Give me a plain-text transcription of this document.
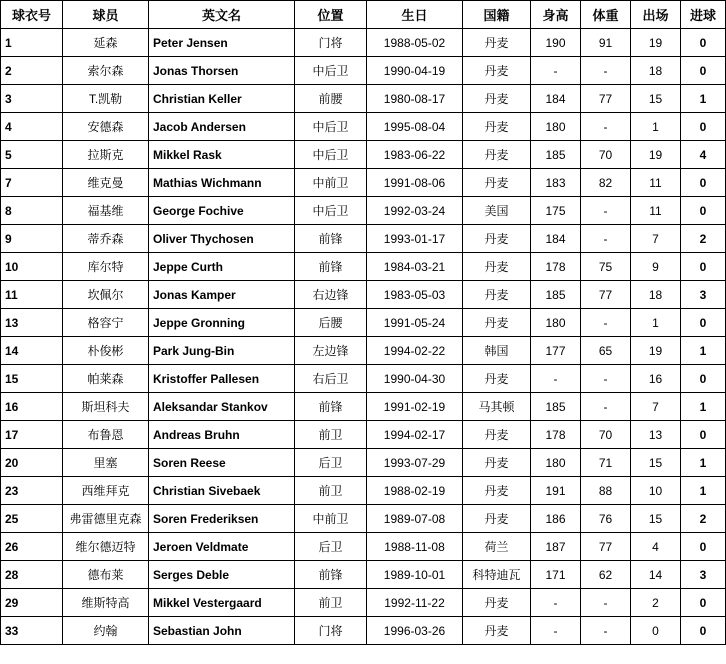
球衣号	球员	英文名	位置	生日	国籍	身高	体重	出场	进球
1	延森	Peter Jensen	门将	1988-05-02	丹麦	190	91	19	0
2	索尔森	Jonas Thorsen	中后卫	1990-04-19	丹麦	-	-	18	0
3	T.凯勒	Christian Keller	前腰	1980-08-17	丹麦	184	77	15	1
4	安德森	Jacob Andersen	中后卫	1995-08-04	丹麦	180	-	1	0
5	拉斯克	Mikkel Rask	中后卫	1983-06-22	丹麦	185	70	19	4
7	维克曼	Mathias Wichmann	中前卫	1991-08-06	丹麦	183	82	11	0
8	福基维	George Fochive	中后卫	1992-03-24	美国	175	-	11	0
9	蒂乔森	Oliver Thychosen	前锋	1993-01-17	丹麦	184	-	7	2
10	库尔特	Jeppe Curth	前锋	1984-03-21	丹麦	178	75	9	0
11	坎佩尔	Jonas Kamper	右边锋	1983-05-03	丹麦	185	77	18	3
13	格容宁	Jeppe Gronning	后腰	1991-05-24	丹麦	180	-	1	0
14	朴俊彬	Park Jung-Bin	左边锋	1994-02-22	韩国	177	65	19	1
15	帕莱森	Kristoffer Pallesen	右后卫	1990-04-30	丹麦	-	-	16	0
16	斯坦科夫	Aleksandar Stankov	前锋	1991-02-19	马其顿	185	-	7	1
17	布鲁恩	Andreas Bruhn	前卫	1994-02-17	丹麦	178	70	13	0
20	里塞	Soren Reese	后卫	1993-07-29	丹麦	180	71	15	1
23	西维拜克	Christian Sivebaek	前卫	1988-02-19	丹麦	191	88	10	1
25	弗雷德里克森	Soren Frederiksen	中前卫	1989-07-08	丹麦	186	76	15	2
26	维尔德迈特	Jeroen Veldmate	后卫	1988-11-08	荷兰	187	77	4	0
28	德布莱	Serges Deble	前锋	1989-10-01	科特迪瓦	171	62	14	3
29	维斯特高	Mikkel Vestergaard	前卫	1992-11-22	丹麦	-	-	2	0
33	约翰	Sebastian John	门将	1996-03-26	丹麦	-	-	0	0
